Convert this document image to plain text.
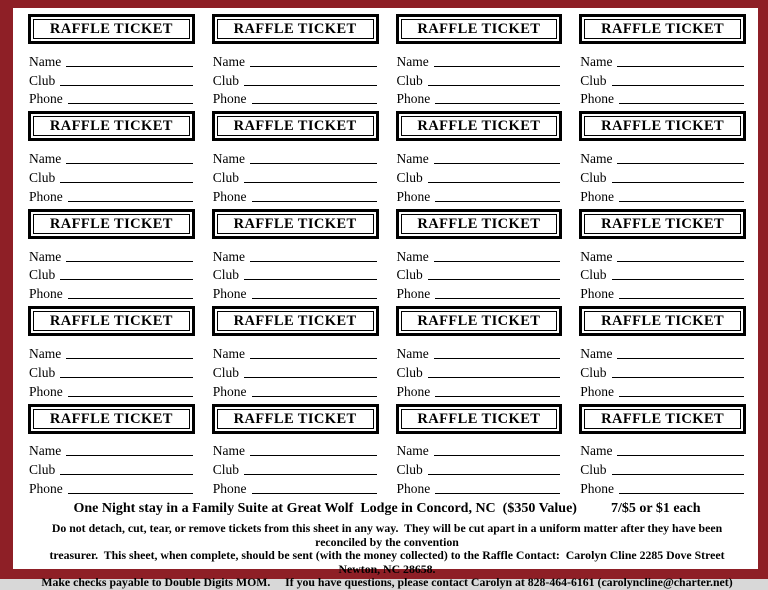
RAFFLE TICKET
Name
Club
Phone
RAFFLE TICKET
Name
Club
Phone
RAFFLE TICKET
Name
Club
Phone
RAFFLE TICKET
Name
Club
Phone
RAFFLE TICKET
Name
Club
Phone
RAFFLE TICKET
Name
Club
Phone
RAFFLE TICKET
Name
Club
Phone
RAFFLE TICKET
Name
Club
Phone
RAFFLE TICKET
Name
Club
Phone
RAFFLE TICKET
Name
Club
Phone
RAFFLE TICKET
Name
Club
Phone
RAFFLE TICKET
Name
Club
Phone
RAFFLE TICKET
Name
Club
Phone
RAFFLE TICKET
Name
Club
Phone
RAFFLE TICKET
Name
Club
Phone
RAFFLE TICKET
Name
Club
Phone
RAFFLE TICKET
Name
Club
Phone
RAFFLE TICKET
Name
Club
Phone
RAFFLE TICKET
Name
Club
Phone
RAFFLE TICKET
Name
Club
Phone
One Night stay in a Family Suite at Great Wolf  Lodge in Concord, NC  ($350 Value) 7/$5 or $1 each
Do not detach, cut, tear, or remove tickets from this sheet in any way.  They will be cut apart in a uniform matter after they have been reconciled by the convention
treasurer.  This sheet, when complete, should be sent (with the money collected) to the Raffle Contact:  Carolyn Cline 2285 Dove Street Newton, NC 28658.
Make checks payable to Double Digits MOM.     If you have questions, please contact Carolyn at 828-464-6161 (carolyncline@charter.net)
